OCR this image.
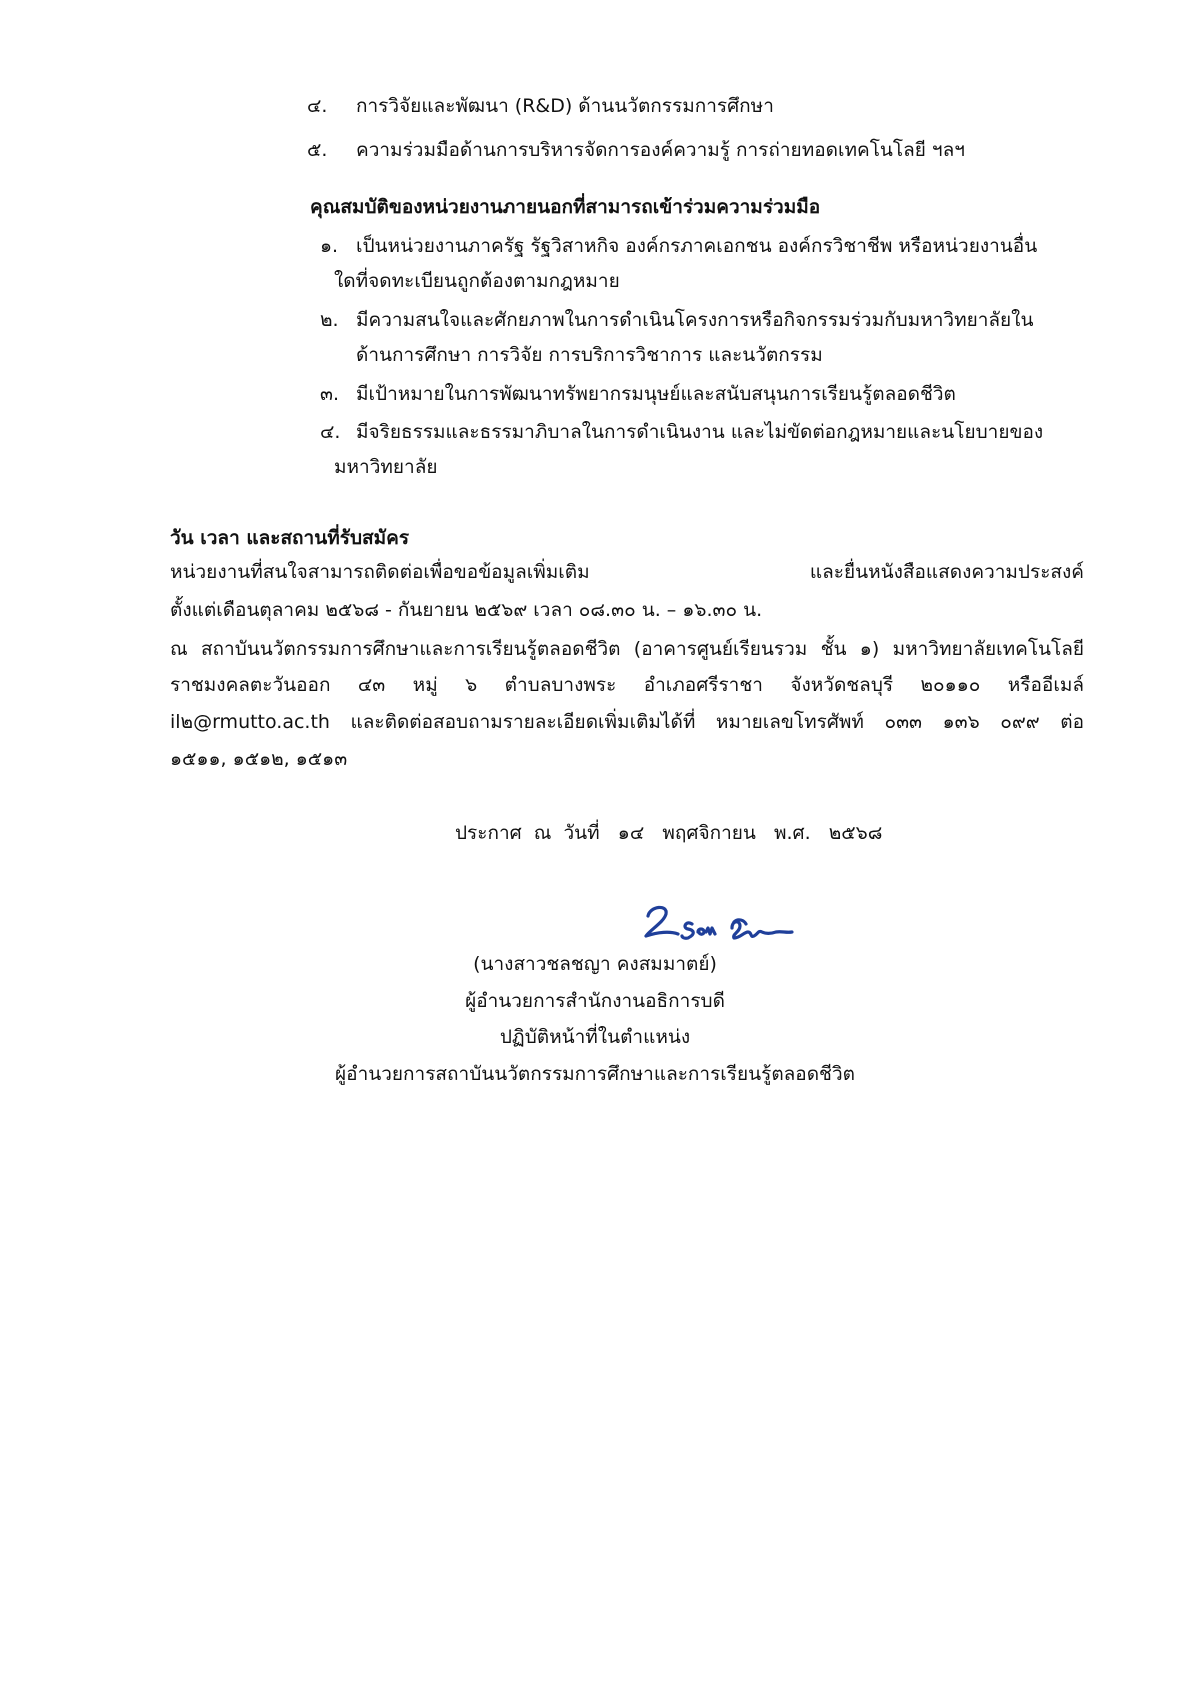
๔. การวิจัยและพัฒนา (R&D) ด้านนวัตกรรมการศึกษา
๕. ความร่วมมือด้านการบริหารจัดการองค์ความรู้ การถ่ายทอดเทคโนโลยี ฯลฯ
คุณสมบัติของหน่วยงานภายนอกที่สามารถเข้าร่วมความร่วมมือ
๑. เป็นหน่วยงานภาครัฐ รัฐวิสาหกิจ องค์กรภาคเอกชน องค์กรวิชาชีพ หรือหน่วยงานอื่น
ใดที่จดทะเบียนถูกต้องตามกฎหมาย
๒. มีความสนใจและศักยภาพในการดำเนินโครงการหรือกิจกรรมร่วมกับมหาวิทยาลัยใน
ด้านการศึกษา การวิจัย การบริการวิชาการ และนวัตกรรม
๓. มีเป้าหมายในการพัฒนาทรัพยากรมนุษย์และสนับสนุนการเรียนรู้ตลอดชีวิต
๔. มีจริยธรรมและธรรมาภิบาลในการดำเนินงาน และไม่ขัดต่อกฎหมายและนโยบายของ
มหาวิทยาลัย
วัน เวลา และสถานที่รับสมัคร
หน่วยงานที่สนใจสามารถติดต่อเพื่อขอข้อมูลเพิ่มเติม และยื่นหนังสือแสดงความประสงค์
ตั้งแต่เดือนตุลาคม ๒๕๖๘ - กันยายน ๒๕๖๙ เวลา ๐๘.๓๐ น. – ๑๖.๓๐ น.
ณ สถาบันนวัตกรรมการศึกษาและการเรียนรู้ตลอดชีวิต (อาคารศูนย์เรียนรวม ชั้น ๑) มหาวิทยาลัยเทคโนโลยี
ราชมงคลตะวันออก ๔๓ หมู่ ๖ ตำบลบางพระ อำเภอศรีราชา จังหวัดชลบุรี ๒๐๑๑๐ หรืออีเมล์
il๒@rmutto.ac.th และติดต่อสอบถามรายละเอียดเพิ่มเติมได้ที่ หมายเลขโทรศัพท์ ๐๓๓ ๑๓๖ ๐๙๙ ต่อ
๑๕๑๑, ๑๕๑๒, ๑๕๑๓
ประกาศ  ณ  วันที่   ๑๔   พฤศจิกายน   พ.ศ.   ๒๕๖๘
(นางสาวชลชญา คงสมมาตย์)
ผู้อำนวยการสำนักงานอธิการบดี
ปฏิบัติหน้าที่ในตำแหน่ง
ผู้อำนวยการสถาบันนวัตกรรมการศึกษาและการเรียนรู้ตลอดชีวิต
